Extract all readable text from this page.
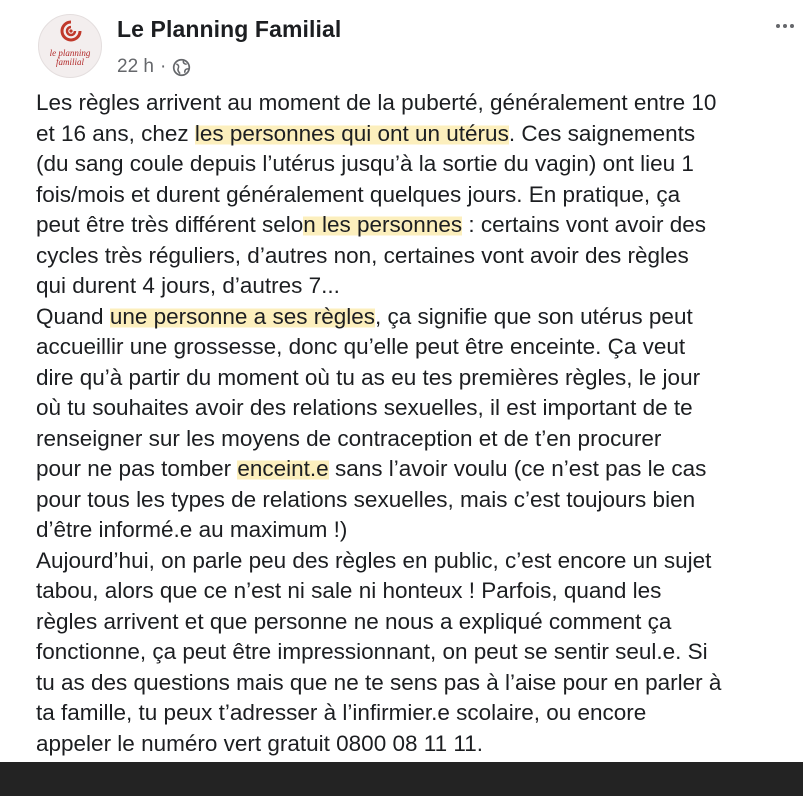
le planning
familial
Le Planning Familial
22 h ·

Les règles arrivent au moment de la puberté, généralement entre 10

et 16 ans, chez les personnes qui ont un utérus. Ces saignements

(du sang coule depuis l’utérus jusqu’à la sortie du vagin) ont lieu 1

fois/mois et durent généralement quelques jours. En pratique, ça

peut être très différent selon les personnes : certains vont avoir des

cycles très réguliers, d’autres non, certaines vont avoir des règles

qui durent 4 jours, d’autres 7...

Quand une personne a ses règles, ça signifie que son utérus peut

accueillir une grossesse, donc qu’elle peut être enceinte. Ça veut

dire qu’à partir du moment où tu as eu tes premières règles, le jour

où tu souhaites avoir des relations sexuelles, il est important de te

renseigner sur les moyens de contraception et de t’en procurer

pour ne pas tomber enceint.e sans l’avoir voulu (ce n’est pas le cas

pour tous les types de relations sexuelles, mais c’est toujours bien

d’être informé.e au maximum !)

Aujourd’hui, on parle peu des règles en public, c’est encore un sujet

tabou, alors que ce n’est ni sale ni honteux ! Parfois, quand les

règles arrivent et que personne ne nous a expliqué comment ça

fonctionne, ça peut être impressionnant, on peut se sentir seul.e. Si

tu as des questions mais que ne te sens pas à l’aise pour en parler à

ta famille, tu peux t’adresser à l’infirmier.e scolaire, ou encore

appeler le numéro vert gratuit 0800 08 11 11.
